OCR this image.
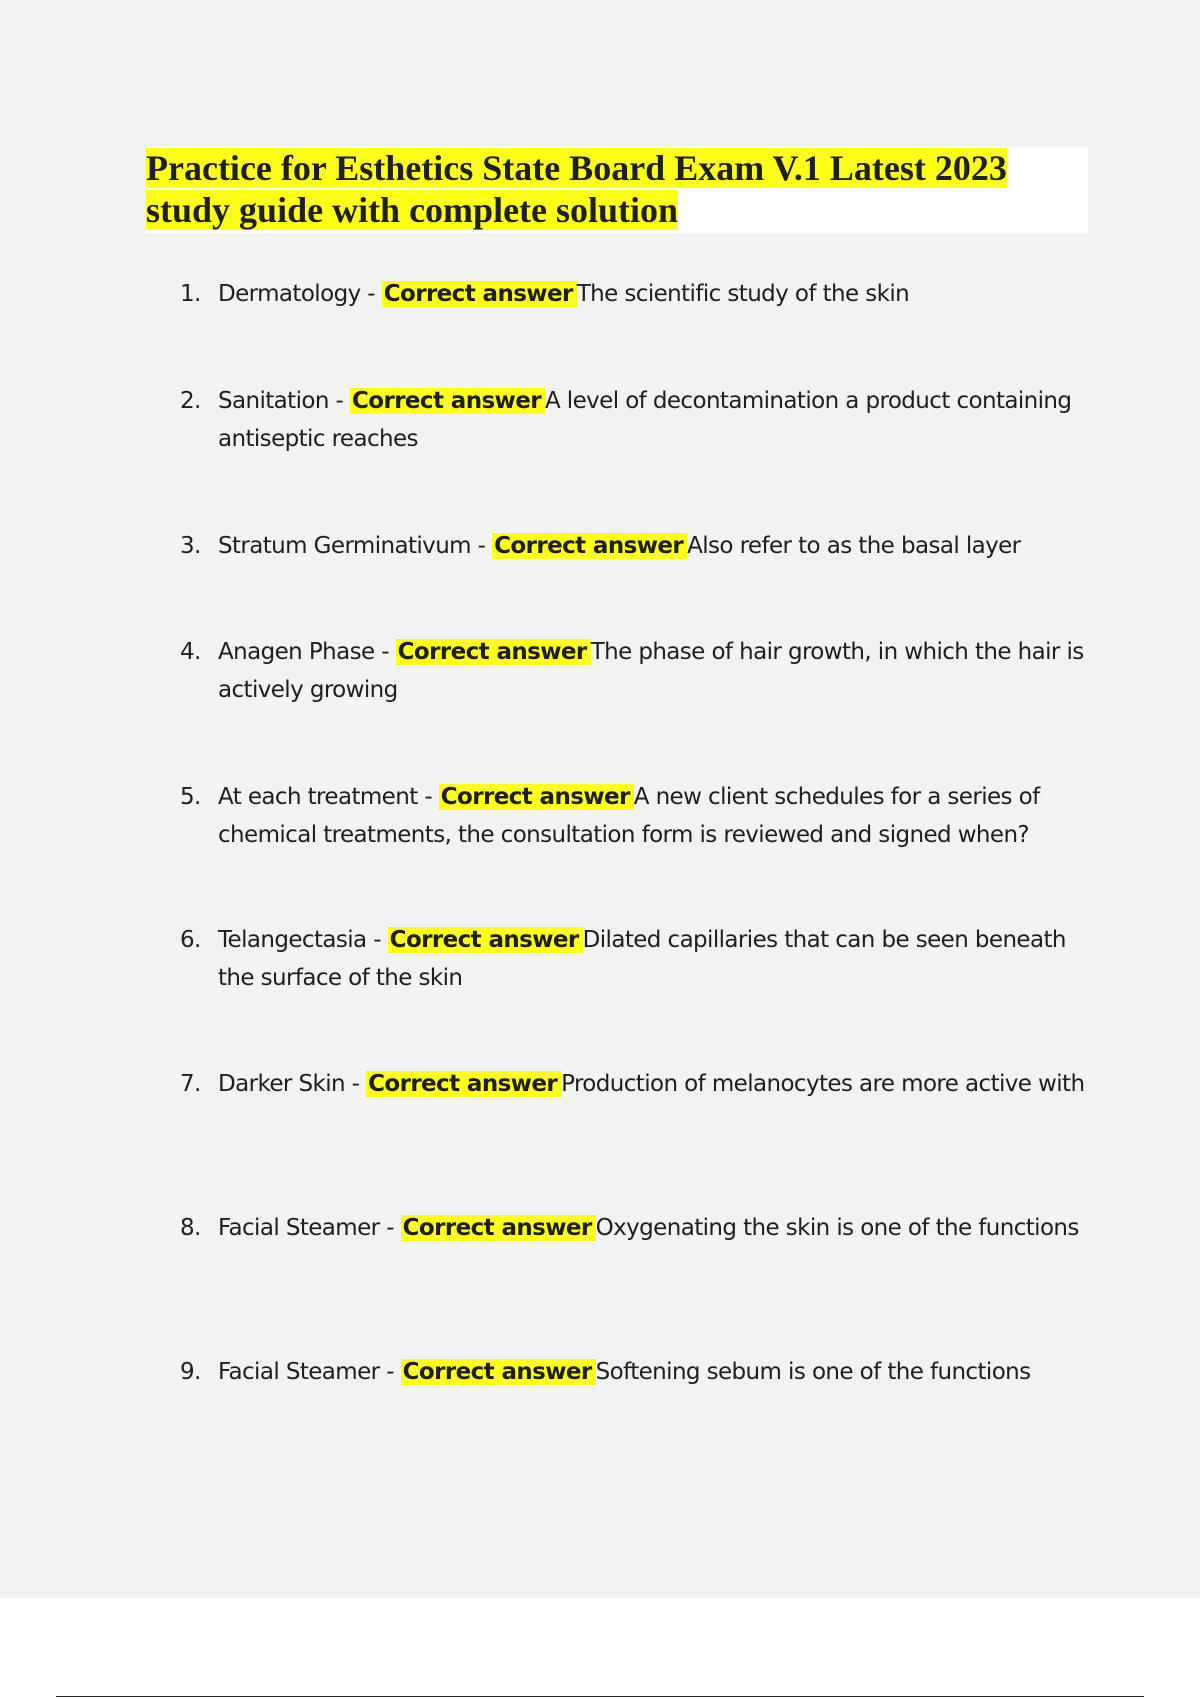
Practice for Esthetics State Board Exam V.1 Latest 2023 study guide with complete solution
1. Dermatology - Correct answer The scientific study of the skin
2. Sanitation - Correct answer A level of decontamination a product containing antiseptic reaches
3. Stratum Germinativum - Correct answer Also refer to as the basal layer
4. Anagen Phase - Correct answer The phase of hair growth, in which the hair is actively growing
5. At each treatment - Correct answer A new client schedules for a series of chemical treatments, the consultation form is reviewed and signed when?
6. Telangectasia - Correct answer Dilated capillaries that can be seen beneath the surface of the skin
7. Darker Skin - Correct answer Production of melanocytes are more active with
8. Facial Steamer - Correct answer Oxygenating the skin is one of the functions
9. Facial Steamer - Correct answer Softening sebum is one of the functions
